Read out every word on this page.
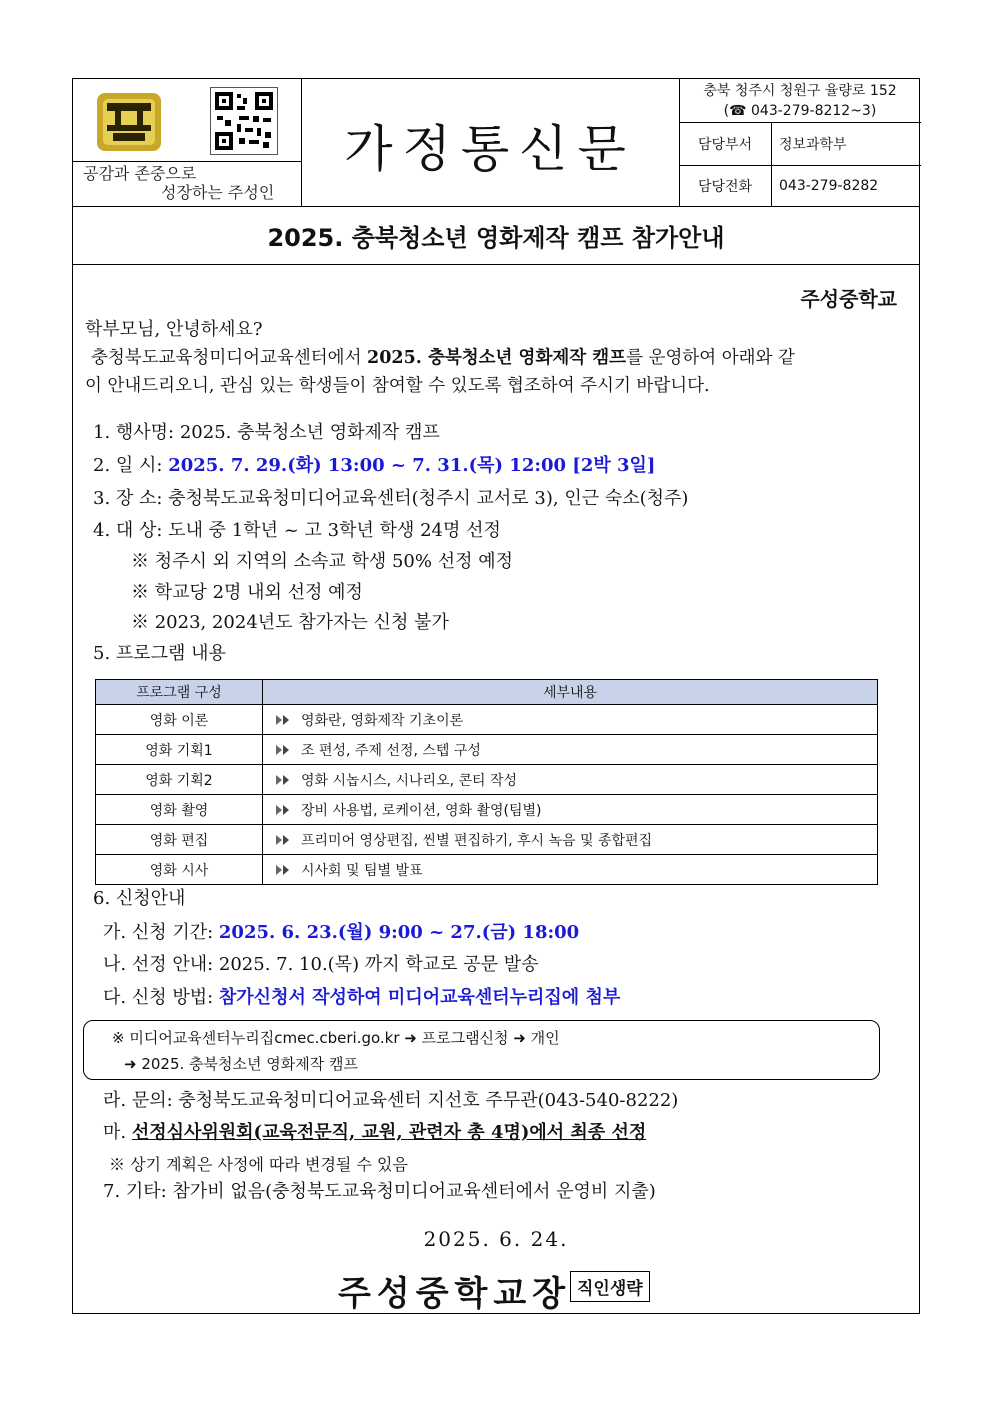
공감과 존중으로
성장하는 주성인
가정통신문
충북 청주시 청원구 율량로 152
(☎ 043-279-8212~3)
담당부서	정보과학부
담당전화	043-279-8282
2025. 충북청소년 영화제작 캠프 참가안내
주성중학교
학부모님, 안녕하세요?
충청북도교육청미디어교육센터에서 2025. 충북청소년 영화제작 캠프를 운영하여 아래와 같
이 안내드리오니, 관심 있는 학생들이 참여할 수 있도록 협조하여 주시기 바랍니다.
1. 행사명: 2025. 충북청소년 영화제작 캠프
2. 일 시: 2025. 7. 29.(화) 13:00 ~ 7. 31.(목) 12:00 [2박 3일]
3. 장 소: 충청북도교육청미디어교육센터(청주시 교서로 3), 인근 숙소(청주)
4. 대 상: 도내 중 1학년 ~ 고 3학년 학생 24명 선정
※ 청주시 외 지역의 소속교 학생 50% 선정 예정
※ 학교당 2명 내외 선정 예정
※ 2023, 2024년도 참가자는 신청 불가
5. 프로그램 내용
프로그램 구성	세부내용
영화 이론	영화란, 영화제작 기초이론
영화 기획1	조 편성, 주제 선정, 스텝 구성
영화 기획2	영화 시놉시스, 시나리오, 콘티 작성
영화 촬영	장비 사용법, 로케이션, 영화 촬영(팀별)
영화 편집	프리미어 영상편집, 씬별 편집하기, 후시 녹음 및 종합편집
영화 시사	시사회 및 팀별 발표
6. 신청안내
가. 신청 기간: 2025. 6. 23.(월) 9:00 ~ 27.(금) 18:00
나. 선정 안내: 2025. 7. 10.(목) 까지 학교로 공문 발송
다. 신청 방법: 참가신청서 작성하여 미디어교육센터누리집에 첨부
※ 미디어교육센터누리집cmec.cberi.go.kr ➜ 프로그램신청 ➜ 개인
➜ 2025. 충북청소년 영화제작 캠프
라. 문의: 충청북도교육청미디어교육센터 지선호 주무관(043-540-8222)
마. 선정심사위원회(교육전문직, 교원, 관련자 총 4명)에서 최종 선정
※ 상기 계획은 사정에 따라 변경될 수 있음
7. 기타: 참가비 없음(충청북도교육청미디어교육센터에서 운영비 지출)
2025. 6. 24.
주성중학교장 직인생략
